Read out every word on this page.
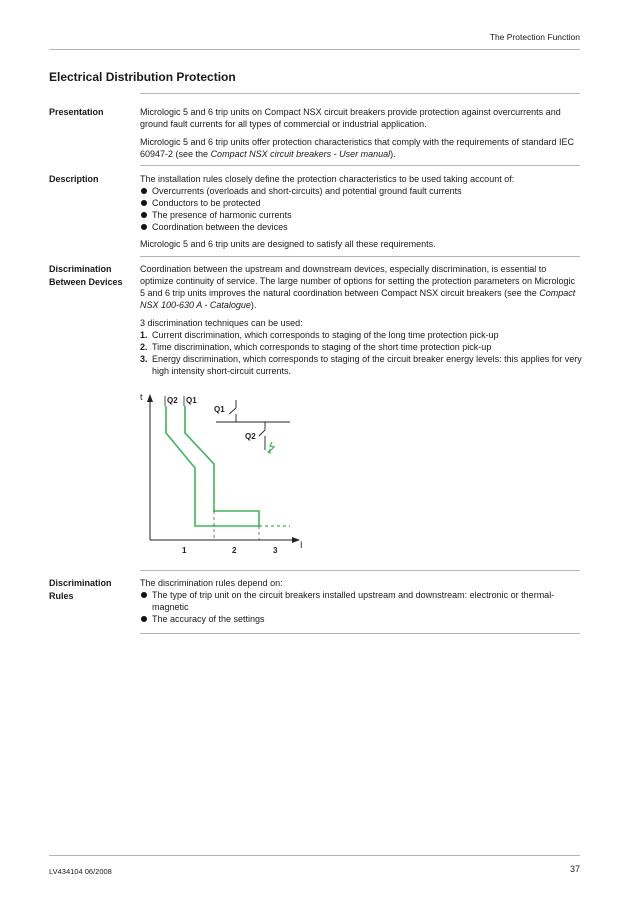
The Protection Function
Electrical Distribution Protection
Presentation	Micrologic 5 and 6 trip units on Compact NSX circuit breakers provide protection against overcurrents and ground fault currents for all types of commercial or industrial application.

Micrologic 5 and 6 trip units offer protection characteristics that comply with the requirements of standard IEC 60947-2 (see the Compact NSX circuit breakers - User manual).

Description	The installation rules closely define the protection characteristics to be used taking account of:

Overcurrents (overloads and short-circuits) and potential ground fault currents
Conductors to be protected
The presence of harmonic currents
Coordination between the devices

Micrologic 5 and 6 trip units are designed to satisfy all these requirements.

Discrimination
Between Devices

Coordination between the upstream and downstream devices, especially discrimination, is essential to optimize continuity of service. The large number of options for setting the protection parameters on Micrologic 5 and 6 trip units improves the natural coordination between Compact NSX circuit breakers (see the Compact NSX 100-630 A - Catalogue).

3 discrimination techniques can be used:

1. Current discrimination, which corresponds to staging of the long time protection pick-up
2. Time discrimination, which corresponds to staging of the short time protection pick-up
3. Energy discrimination, which corresponds to staging of the circuit breaker energy levels: this applies for very high intensity short-circuit currents.
t
I
Q2 Q1
1	2	3
Q1
Q2
Discrimination
Rules

The discrimination rules depend on:

The type of trip unit on the circuit breakers installed upstream and downstream: electronic or thermal-magnetic
The accuracy of the settings
LV434104 06/2008	37
